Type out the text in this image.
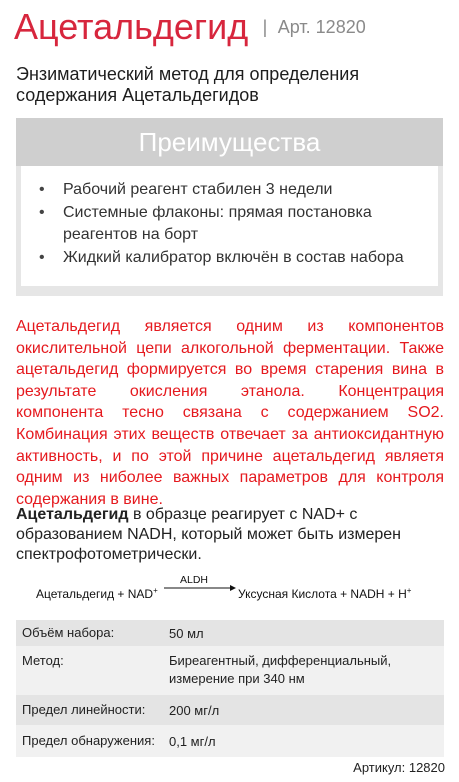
Ацетальдегид | Арт. 12820
Энзиматический метод для определения содержания Ацетальдегидов
Преимущества
• Рабочий реагент стабилен 3 недели
• Системные флаконы: прямая постановка реагентов на борт
• Жидкий калибратор включён в состав набора
Ацетальдегид является одним из компонентов окислительной цепи алкогольной ферментации. Также ацетальдегид формируется во время старения вина в результате окисления этанола. Концентрация компонента тесно связана с содержанием SO2. Комбинация этих веществ отвечает за антиоксидантную активность, и по этой причине ацетальдегид являетя одним из ниболее важных параметров для контроля содержания в вине.
Ацетальдегид в образце реагирует с NAD+ с образованием NADH, который может быть измерен спектрофотометрически.
Ацетальдегид + NAD+
ALDH
Уксусная Кислота + NADH + H+
Объём набора:	50 мл
Метод:	Биреагентный, дифференциальный, измерение при 340 нм
Предел линейности: 200 мг/л
Предел обнаружения: 0,1 мг/л
Артикул: 12820
